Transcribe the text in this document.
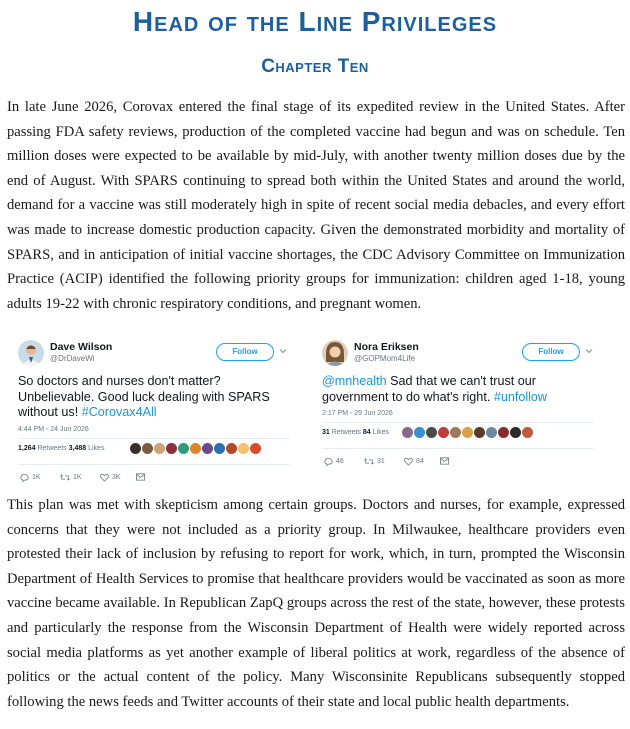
Head of the Line Privileges
Chapter Ten

In late June 2026, Corovax entered the final stage of its expedited review in the United States. After passing FDA safety reviews, production of the completed vaccine had begun and was on schedule. Ten million doses were expected to be available by mid-July, with another twenty million doses due by the end of August. With SPARS continuing to spread both within the United States and around the world, demand for a vaccine was still moderately high in spite of recent social media debacles, and every effort was made to increase domestic production capacity. Given the demonstrated morbidity and mortality of SPARS, and in anticipation of initial vaccine shortages, the CDC Advisory Committee on Immunization Practice (ACIP) identified the following priority groups for immunization: children aged 1-18, young adults 19-22 with chronic respiratory conditions, and pregnant women.

Dave Wilson
@DrDaveWi
Follow
So doctors and nurses don't matter? Unbelievable. Good luck dealing with SPARS without us! #Corovax4All
4:44 PM - 24 Jun 2026
1,264 Retweets 3,488 Likes
1K	1K	3K
Nora Eriksen
@GOPMom4Life
Follow
@mnhealth Sad that we can't trust our government to do what's right. #unfollow
2:17 PM - 29 Jun 2026
31 Retweets 84 Likes
46	31	84

This plan was met with skepticism among certain groups. Doctors and nurses, for example, expressed concerns that they were not included as a priority group. In Milwaukee, healthcare providers even protested their lack of inclusion by refusing to report for work, which, in turn, prompted the Wisconsin Department of Health Services to promise that healthcare providers would be vaccinated as soon as more vaccine became available. In Republican ZapQ groups across the rest of the state, however, these protests and particularly the response from the Wisconsin Department of Health were widely reported across social media platforms as yet another example of liberal politics at work, regardless of the absence of politics or the actual content of the policy. Many Wisconsinite Republicans subsequently stopped following the news feeds and Twitter accounts of their state and local public health departments.
